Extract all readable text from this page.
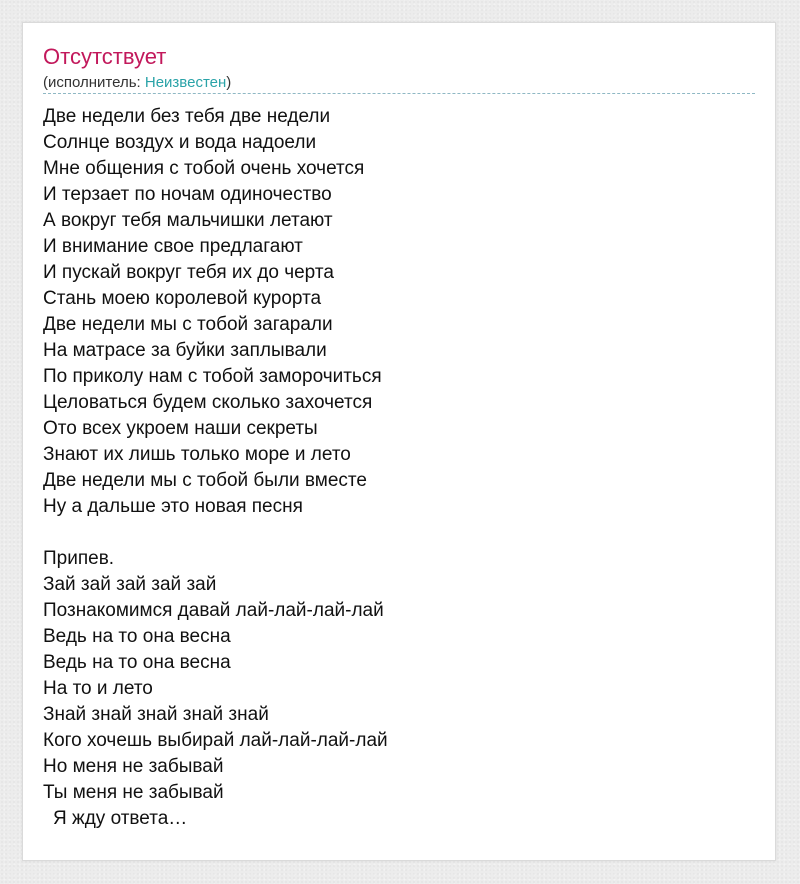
Отсутствует
(исполнитель: Неизвестен)
Две недели без тебя две недели
Солнце воздух и вода надоели
Мне общения с тобой очень хочется
И терзает по ночам одиночество
А вокруг тебя мальчишки летают
И внимание свое предлагают
И пускай вокруг тебя их до черта
Стань моею королевой курорта
Две недели мы с тобой загарали
На матрасе за буйки заплывали
По приколу нам с тобой заморочиться
Целоваться будем сколько захочется
Ото всех укроем наши секреты
Знают их лишь только море и лето
Две недели мы с тобой были вместе
Ну а дальше это новая песня
Припев.
Зай зай зай зай зай
Познакомимся давай лай-лай-лай-лай
Ведь на то она весна
Ведь на то она весна
На то и лето
Знай знай знай знай знай
Кого хочешь выбирай лай-лай-лай-лай
Но меня не забывай
Ты меня не забывай
Я жду ответа…
